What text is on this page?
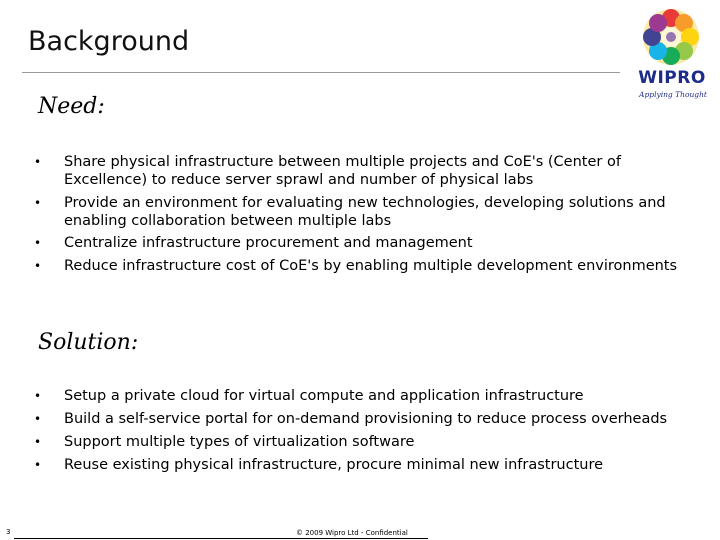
Background
WIPRO
Applying Thought
Need:
• Share physical infrastructure between multiple projects and CoE's (Center of Excellence) to reduce server sprawl and number of physical labs
• Provide an environment for evaluating new technologies, developing solutions and enabling collaboration between multiple labs
• Centralize infrastructure procurement and management
• Reduce infrastructure cost of CoE's by enabling multiple development environments
Solution:
• Setup a private cloud for virtual compute and application infrastructure
• Build a self-service portal for on-demand provisioning to reduce process overheads
• Support multiple types of virtualization software
• Reuse existing physical infrastructure, procure minimal new infrastructure
3	© 2009 Wipro Ltd - Confidential
